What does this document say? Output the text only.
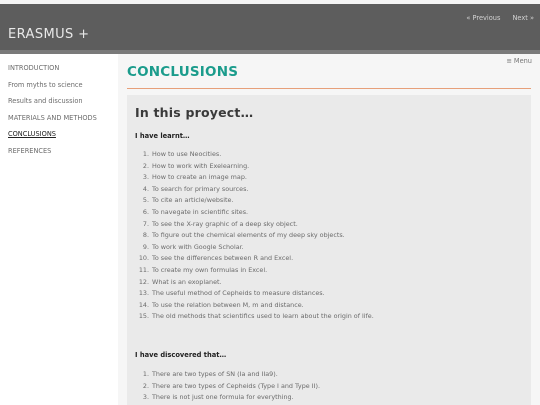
ERASMUS +
« Previous Next »
INTRODUCTION
From myths to science
Results and discussion
MATERIALS AND METHODS
CONCLUSIONS
REFERENCES
≡ Menu
CONCLUSIONS
In this proyect…
I have learnt…
1. How to use Neocities.
2. How to work with Exelearning.
3. How to create an image map.
4. To search for primary sources.
5. To cite an article/website.
6. To navegate in scientific sites.
7. To see the X-ray graphic of a deep sky object.
8. To figure out the chemical elements of my deep sky objects.
9. To work with Google Scholar.
10. To see the differences between R and Excel.
11. To create my own formulas in Excel.
12. What is an exoplanet.
13. The useful method of Cepheids to measure distances.
14. To use the relation between M, m and distance.
15. The old methods that scientifics used to learn about the origin of life.
I have discovered that…
1. There are two types of SN (Ia and IIa9).
2. There are two types of Cepheids (Type I and Type II).
3. There is not just one formula for everything.
